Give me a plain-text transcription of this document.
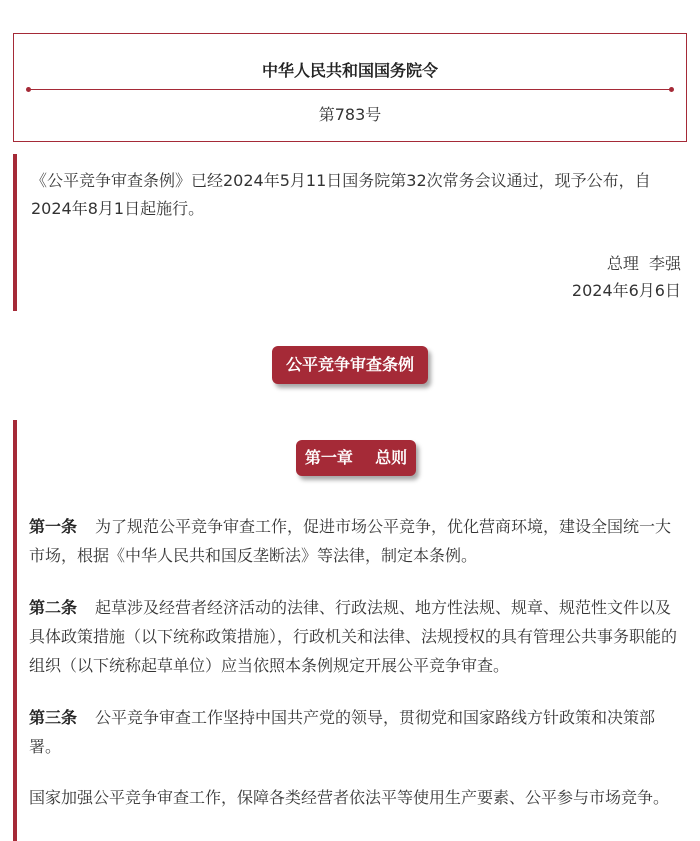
中华人民共和国国务院令
第783号
《公平竞争审查条例》已经2024年5月11日国务院第32次常务会议通过，现予公布，自2024年8月1日起施行。
总理  李强
2024年6月6日
公平竞争审查条例
第一章    总则
第一条 为了规范公平竞争审查工作，促进市场公平竞争，优化营商环境，建设全国统一大市场，根据《中华人民共和国反垄断法》等法律，制定本条例。
第二条 起草涉及经营者经济活动的法律、行政法规、地方性法规、规章、规范性文件以及具体政策措施（以下统称政策措施），行政机关和法律、法规授权的具有管理公共事务职能的组织（以下统称起草单位）应当依照本条例规定开展公平竞争审查。
第三条 公平竞争审查工作坚持中国共产党的领导，贯彻党和国家路线方针政策和决策部署。
国家加强公平竞争审查工作，保障各类经营者依法平等使用生产要素、公平参与市场竞争。
